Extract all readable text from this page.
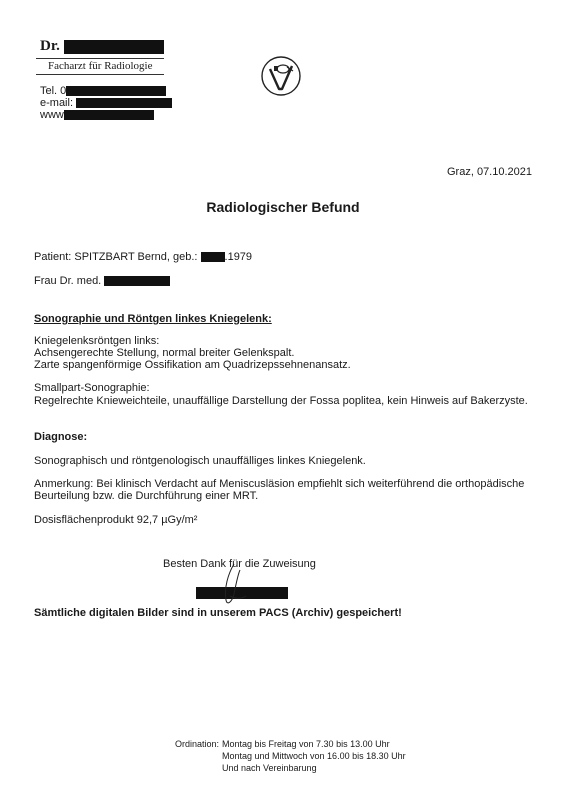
Dr.
Facharzt für Radiologie
Tel. 0
e-mail:
www
Graz, 07.10.2021
Radiologischer Befund
Patient: SPITZBART Bernd, geb.: .1979
Frau Dr. med.
Sonographie und Röntgen linkes Kniegelenk:
Kniegelenksröntgen links:
Achsengerechte Stellung, normal breiter Gelenkspalt.
Zarte spangenförmige Ossifikation am Quadrizepssehnenansatz.
Smallpart-Sonographie:
Regelrechte Knieweichteile, unauffällige Darstellung der Fossa poplitea, kein Hinweis auf Bakerzyste.
Diagnose:
Sonographisch und röntgenologisch unauffälliges linkes Kniegelenk.
Anmerkung: Bei klinisch Verdacht auf Meniscusläsion empfiehlt sich weiterführend die orthopädische
Beurteilung bzw. die Durchführung einer MRT.
Dosisflächenprodukt 92,7 µGy/m²
Besten Dank für die Zuweisung
Sämtliche digitalen Bilder sind in unserem PACS (Archiv) gespeichert!
Ordination: Montag bis Freitag von 7.30 bis 13.00 Uhr
Montag und Mittwoch von 16.00 bis 18.30 Uhr
Und nach Vereinbarung
